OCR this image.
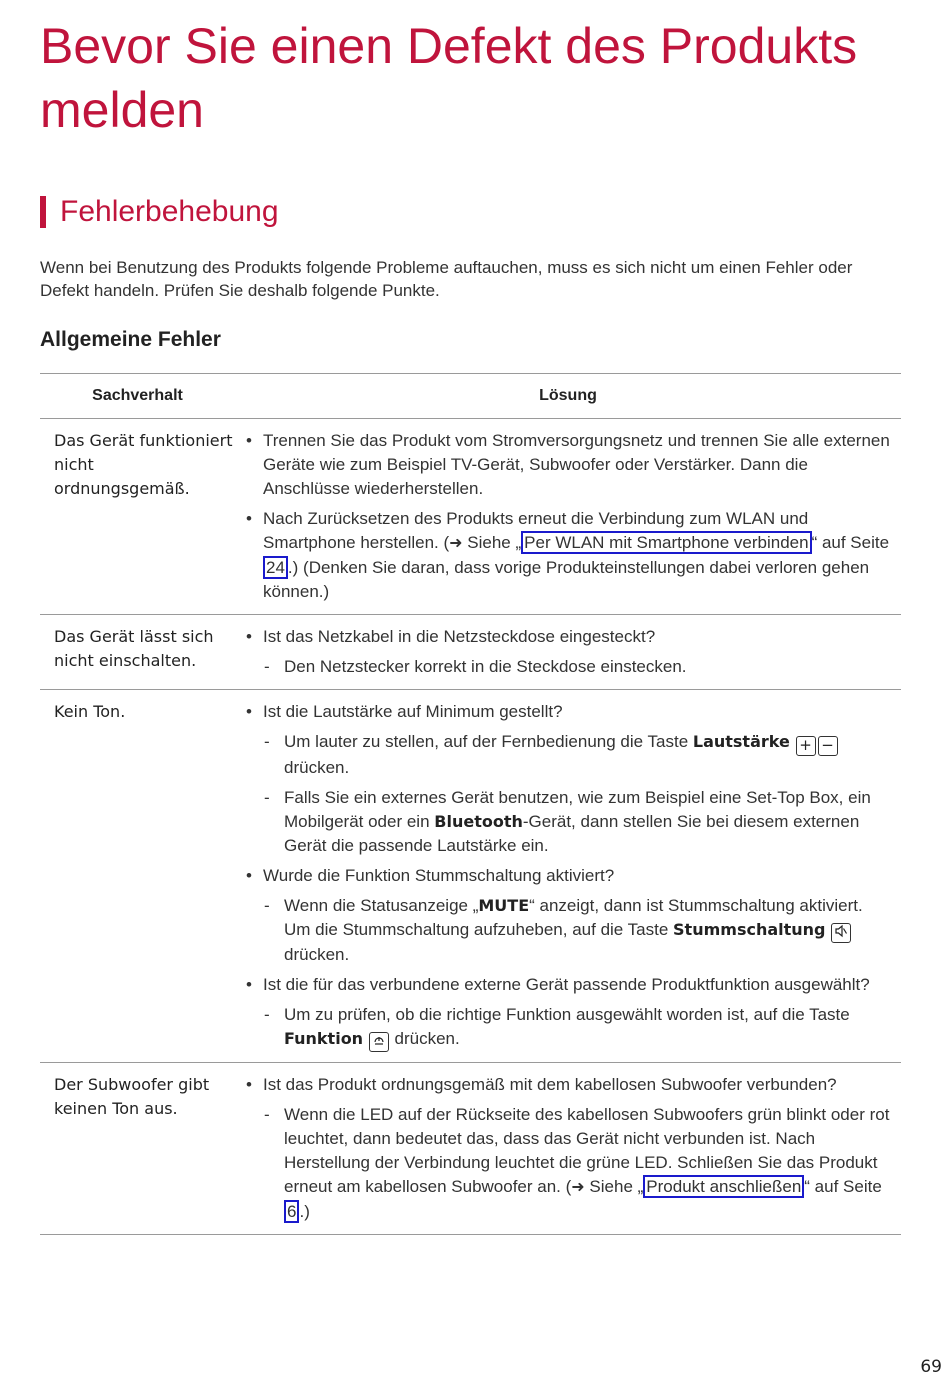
Bevor Sie einen Defekt des Produkts melden
Fehlerbehebung
Wenn bei Benutzung des Produkts folgende Probleme auftauchen, muss es sich nicht um einen Fehler oder Defekt handeln. Prüfen Sie deshalb folgende Punkte.
Allgemeine Fehler
Sachverhalt	Lösung
Das Gerät funktioniert nicht ordnungsgemäß.
• Trennen Sie das Produkt vom Stromversorgungsnetz und trennen Sie alle externen Geräte wie zum Beispiel TV-Gerät, Subwoofer oder Verstärker. Dann die Anschlüsse wiederherstellen.
• Nach Zurücksetzen des Produkts erneut die Verbindung zum WLAN und Smartphone herstellen. (➜ Siehe „ Per WLAN mit Smartphone verbinden “ auf Seite 24 .) (Denken Sie daran, dass vorige Produkteinstellungen dabei verloren gehen können.)
Das Gerät lässt sich nicht einschalten.
• Ist das Netzkabel in die Netzsteckdose eingesteckt?
- Den Netzstecker korrekt in die Steckdose einstecken.
Kein Ton.	• Ist die Lautstärke auf Minimum gestellt?
- Um lauter zu stellen, auf der Fernbedienung die Taste Lautstärke + − drücken.
- Falls Sie ein externes Gerät benutzen, wie zum Beispiel eine Set-Top Box, ein Mobilgerät oder ein Bluetooth-Gerät, dann stellen Sie bei diesem externen Gerät die passende Lautstärke ein.
• Wurde die Funktion Stummschaltung aktiviert?
- Wenn die Statusanzeige „MUTE“ anzeigt, dann ist Stummschaltung aktiviert. Um die Stummschaltung aufzuheben, auf die Taste Stummschaltung  drücken.
• Ist die für das verbundene externe Gerät passende Produktfunktion ausgewählt?
- Um zu prüfen, ob die richtige Funktion ausgewählt worden ist, auf die Taste Funktion  drücken.
Der Subwoofer gibt keinen Ton aus.
• Ist das Produkt ordnungsgemäß mit dem kabellosen Subwoofer verbunden?
- Wenn die LED auf der Rückseite des kabellosen Subwoofers grün blinkt oder rot leuchtet, dann bedeutet das, dass das Gerät nicht verbunden ist. Nach Herstellung der Verbindung leuchtet die grüne LED. Schließen Sie das Produkt erneut am kabellosen Subwoofer an. (➜ Siehe „ Produkt anschließen “ auf Seite 6 .)
69
